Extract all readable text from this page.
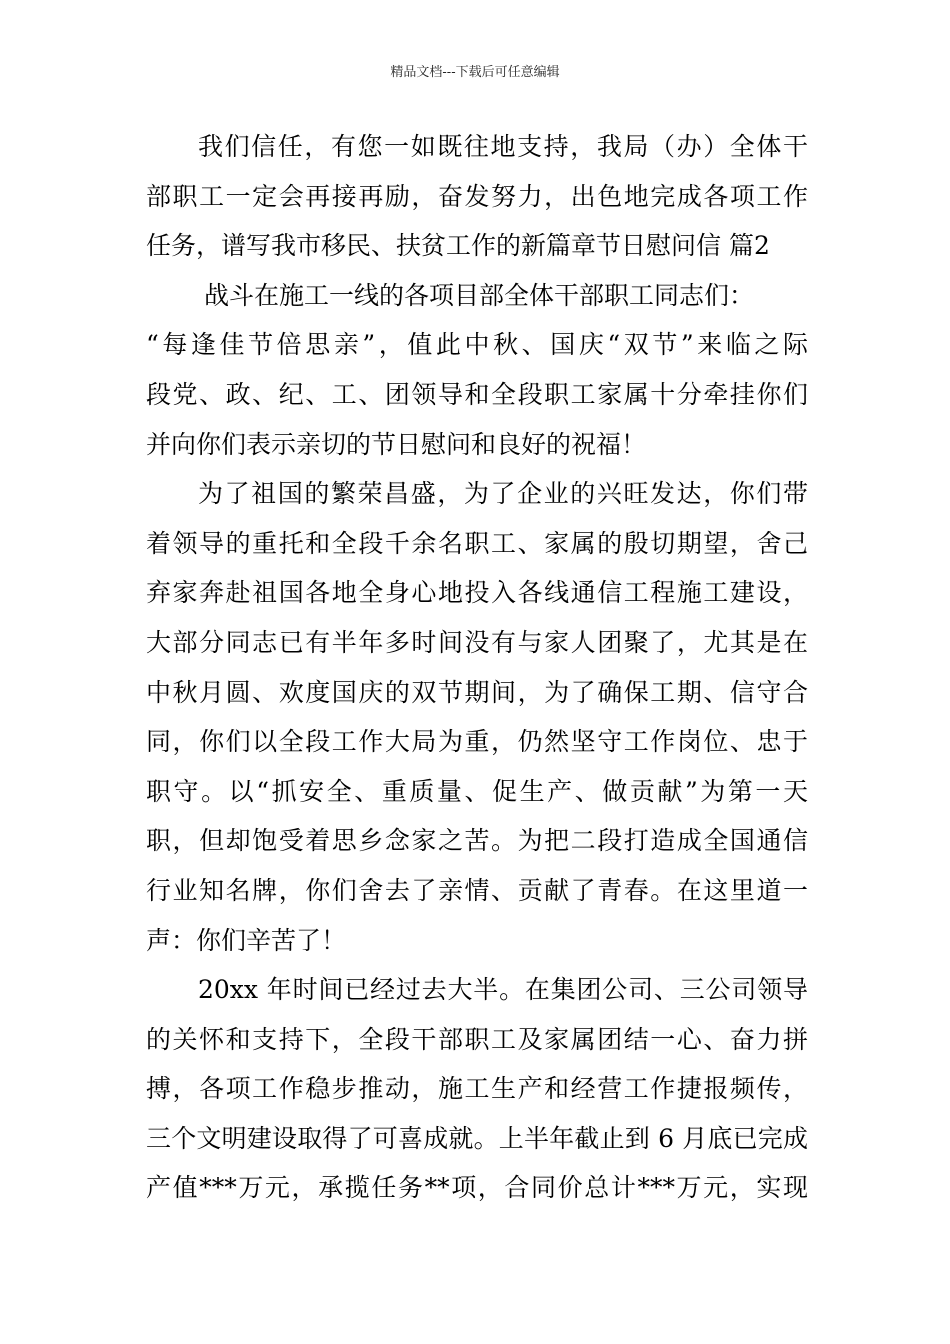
精品文档---下载后可任意编辑
我们信任，有您一如既往地支持，我局（办）全体干
部职工一定会再接再励，奋发努力，出色地完成各项工作
任务，谱写我市移民、扶贫工作的新篇章节日慰问信 篇2
战斗在施工一线的各项目部全体干部职工同志们：
“每逢佳节倍思亲”，值此中秋、国庆“双节”来临之际
段党、政、纪、工、团领导和全段职工家属十分牵挂你们
并向你们表示亲切的节日慰问和良好的祝福！
为了祖国的繁荣昌盛，为了企业的兴旺发达，你们带
着领导的重托和全段千余名职工、家属的殷切期望，舍己
弃家奔赴祖国各地全身心地投入各线通信工程施工建设，
大部分同志已有半年多时间没有与家人团聚了，尤其是在
中秋月圆、欢度国庆的双节期间，为了确保工期、信守合
同，你们以全段工作大局为重，仍然坚守工作岗位、忠于
职守。以“抓安全、重质量、促生产、做贡献”为第一天
职，但却饱受着思乡念家之苦。为把二段打造成全国通信
行业知名牌，你们舍去了亲情、贡献了青春。在这里道一
声：你们辛苦了！
20xx 年时间已经过去大半。在集团公司、三公司领导
的关怀和支持下，全段干部职工及家属团结一心、奋力拼
搏，各项工作稳步推动，施工生产和经营工作捷报频传，
三个文明建设取得了可喜成就。上半年截止到 6 月底已完成
产值***万元，承揽任务**项，合同价总计***万元，实现
